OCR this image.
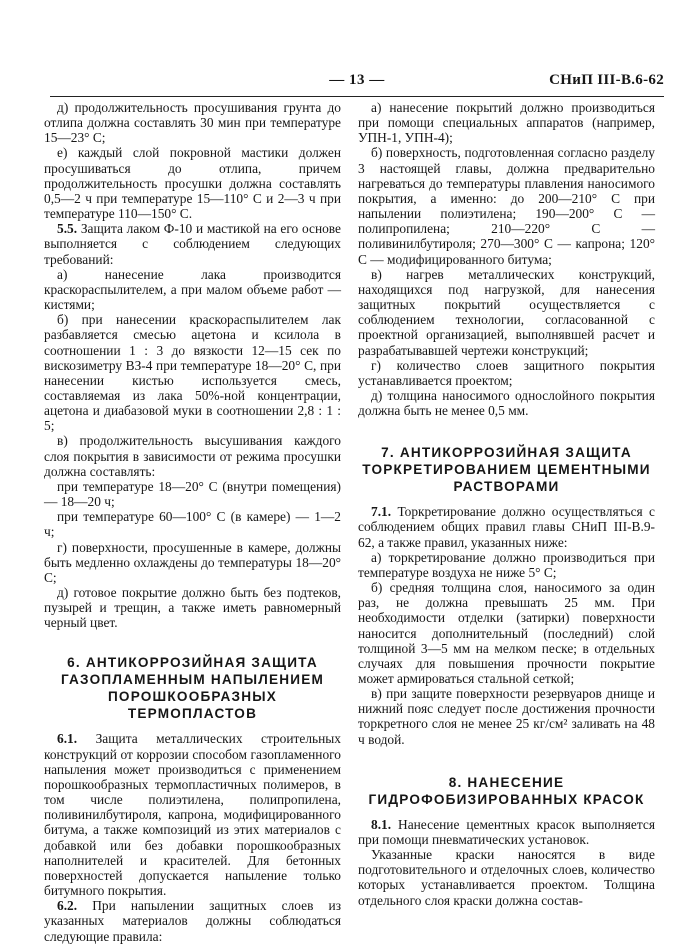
— 13 —	СНиП III-В.6-62

д) продолжительность просушивания грунта до отлипа должна составлять 30 мин при температуре 15—23° С;

е) каждый слой покровной мастики должен просушиваться до отлипа, причем продолжительность просушки должна составлять 0,5—2 ч при температуре 15—110° С и 2—3 ч при температуре 110—150° С.

5.5. Защита лаком Ф-10 и мастикой на его основе выполняется с соблюдением следующих требований:

а) нанесение лака производится краскораспылителем, а при малом объеме работ — кистями;

б) при нанесении краскораспылителем лак разбавляется смесью ацетона и ксилола в соотношении 1 : 3 до вязкости 12—15 сек по вискозиметру ВЗ-4 при температуре 18—20° С, при нанесении кистью используется смесь, составляемая из лака 50%-ной концентрации, ацетона и диабазовой муки в соотношении 2,8 : 1 : 5;

в) продолжительность высушивания каждого слоя покрытия в зависимости от режима просушки должна составлять:

при температуре 18—20° С (внутри помещения) — 18—20 ч;

при температуре 60—100° С (в камере) — 1—2 ч;

г) поверхности, просушенные в камере, должны быть медленно охлаждены до температуры 18—20° С;

д) готовое покрытие должно быть без подтеков, пузырей и трещин, а также иметь равномерный черный цвет.

6. АНТИКОРРОЗИЙНАЯ ЗАЩИТА ГАЗОПЛАМЕННЫМ НАПЫЛЕНИЕМ ПОРОШКООБРАЗНЫХ ТЕРМОПЛАСТОВ

6.1. Защита металлических строительных конструкций от коррозии способом газопламенного напыления может производиться с применением порошкообразных термопластичных полимеров, в том числе полиэтилена, полипропилена, поливинилбутироля, капрона, модифицированного битума, а также композиций из этих материалов с добавкой или без добавки порошкообразных наполнителей и красителей. Для бетонных поверхностей допускается напыление только битумного покрытия.

6.2. При напылении защитных слоев из указанных материалов должны соблюдаться следующие правила:

а) нанесение покрытий должно производиться при помощи специальных аппаратов (например, УПН-1, УПН-4);

б) поверхность, подготовленная согласно разделу 3 настоящей главы, должна предварительно нагреваться до температуры плавления наносимого покрытия, а именно: до 200—210° С при напылении полиэтилена; 190—200° С — полипропилена; 210—220° С — поливинилбутироля; 270—300° С — капрона; 120° С — модифицированного битума;

в) нагрев металлических конструкций, находящихся под нагрузкой, для нанесения защитных покрытий осуществляется с соблюдением технологии, согласованной с проектной организацией, выполнявшей расчет и разрабатывавшей чертежи конструкций;

г) количество слоев защитного покрытия устанавливается проектом;

д) толщина наносимого однослойного покрытия должна быть не менее 0,5 мм.

7. АНТИКОРРОЗИЙНАЯ ЗАЩИТА ТОРКРЕТИРОВАНИЕМ ЦЕМЕНТНЫМИ РАСТВОРАМИ

7.1. Торкретирование должно осуществляться с соблюдением общих правил главы СНиП III-В.9-62, а также правил, указанных ниже:

а) торкретирование должно производиться при температуре воздуха не ниже 5° С;

б) средняя толщина слоя, наносимого за один раз, не должна превышать 25 мм. При необходимости отделки (затирки) поверхности наносится дополнительный (последний) слой толщиной 3—5 мм на мелком песке; в отдельных случаях для повышения прочности покрытие может армироваться стальной сеткой;

в) при защите поверхности резервуаров днище и нижний пояс следует после достижения прочности торкретного слоя не менее 25 кг/см² заливать на 48 ч водой.

8. НАНЕСЕНИЕ ГИДРОФОБИЗИРОВАННЫХ КРАСОК

8.1. Нанесение цементных красок выполняется при помощи пневматических установок.

Указанные краски наносятся в виде подготовительного и отделочных слоев, количество которых устанавливается проектом. Толщина отдельного слоя краски должна состав-
